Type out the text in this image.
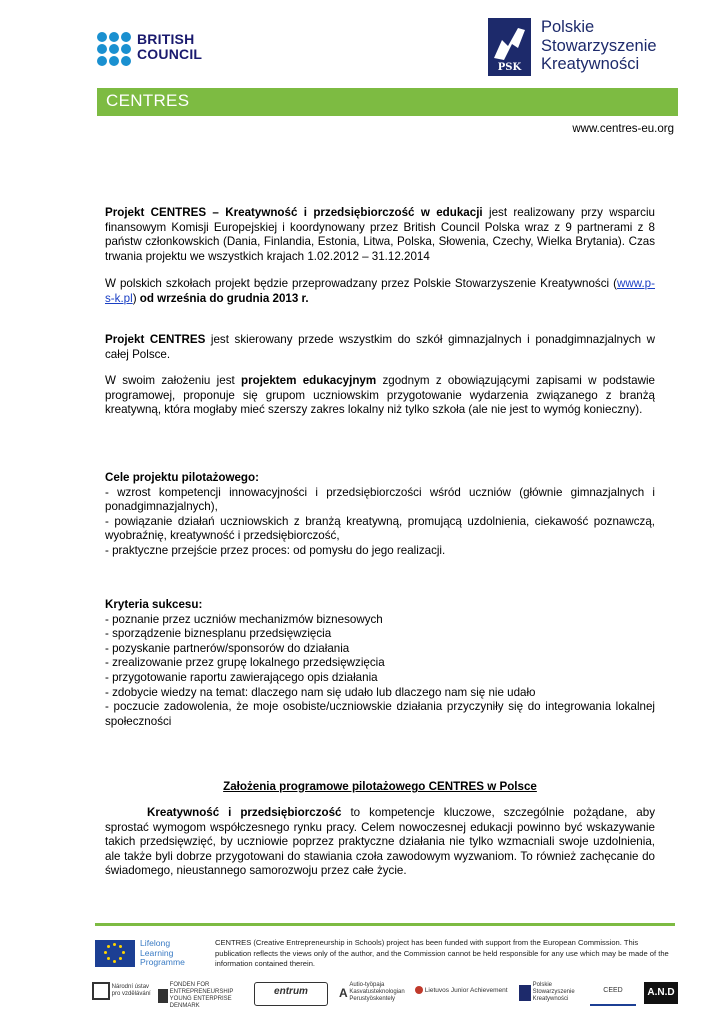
BRITISH
COUNCIL
PSK
Polskie
Stowarzyszenie
Kreatywności
CENTRES
www.centres-eu.org

Projekt CENTRES – Kreatywność i przedsiębiorczość w edukacji jest realizowany przy wsparciu finansowym Komisji Europejskiej i koordynowany przez British Council Polska wraz z 9 partnerami z 8 państw członkowskich (Dania, Finlandia, Estonia, Litwa, Polska, Słowenia, Czechy, Wielka Brytania). Czas trwania projektu we wszystkich krajach 1.02.2012 – 31.12.2014

W polskich szkołach projekt będzie przeprowadzany przez Polskie Stowarzyszenie Kreatywności (www.p-s-k.pl) od września do grudnia 2013 r.

Projekt CENTRES jest skierowany przede wszystkim do szkół gimnazjalnych i ponadgimnazjalnych w całej Polsce.

W swoim założeniu jest projektem edukacyjnym zgodnym z obowiązującymi zapisami w podstawie programowej, proponuje się grupom uczniowskim przygotowanie wydarzenia związanego z branżą kreatywną, która mogłaby mieć szerszy zakres lokalny niż tylko szkoła (ale nie jest to wymóg konieczny).

Cele projektu pilotażowego:

- wzrost kompetencji innowacyjności i przedsiębiorczości wśród uczniów (głównie gimnazjalnych i ponadgimnazjalnych),

- powiązanie działań uczniowskich z branżą kreatywną, promującą uzdolnienia, ciekawość poznawczą, wyobraźnię, kreatywność i przedsiębiorczość,

- praktyczne przejście przez proces: od pomysłu do jego realizacji.

Kryteria sukcesu:

- poznanie przez uczniów mechanizmów biznesowych

- sporządzenie biznesplanu przedsięwzięcia

- pozyskanie partnerów/sponsorów do działania

- zrealizowanie przez grupę lokalnego przedsięwzięcia

- przygotowanie raportu zawierającego opis działania

- zdobycie wiedzy na temat: dlaczego nam się udało lub dlaczego nam się nie udało

- poczucie zadowolenia, że moje osobiste/uczniowskie działania przyczyniły się do integrowania lokalnej społeczności

Założenia programowe pilotażowego CENTRES w Polsce

Kreatywność i przedsiębiorczość to kompetencje kluczowe, szczególnie pożądane, aby sprostać wymogom współczesnego rynku pracy. Celem nowoczesnej edukacji powinno być wskazywanie takich przedsięwzięć, by uczniowie poprzez praktyczne działania nie tylko wzmacniali swoje uzdolnienia, ale także byli dobrze przygotowani do stawiania czoła zawodowym wyzwaniom. To również zachęcanie do świadomego, nieustannego samorozwoju przez całe życie.

Lifelong
Learning
Programme
CENTRES (Creative Entrepreneurship in Schools) project has been funded with support from the European Commission. This publication reflects the views only of the author, and the Commission cannot be held responsible for any use which may be made of the information contained therein.
Národní ústav pro vzdělávání
FONDEN FOR ENTREPRENEURSHIP YOUNG ENTERPRISE DENMARK
entrum	A Autio-työpaja Kasvatusteknologian Perustyöskentely
Lietuvos Junior Achievement
Polskie Stowarzyszenie Kreatywności
CEED	A.N.D
